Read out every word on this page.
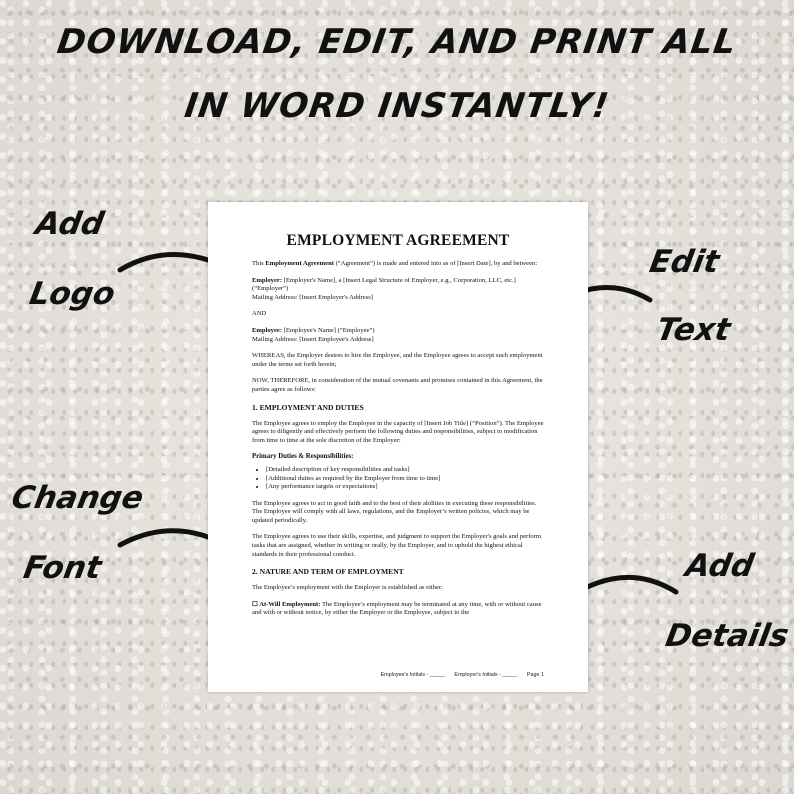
DOWNLOAD, EDIT, AND PRINT ALL
IN WORD INSTANTLY!
Add
Logo
Edit
Text
Change
Font	Add
Details
EMPLOYMENT AGREEMENT

This Employment Agreement (“Agreement”) is made and entered into as of [Insert Date], by and between:

Employer: [Employer's Name], a [Insert Legal Structure of Employer, e.g., Corporation, LLC, etc.] (“Employer”)
Mailing Address: [Insert Employer's Address]

AND

Employee: [Employee's Name] (“Employee”)
Mailing Address: [Insert Employee's Address]

WHEREAS, the Employer desires to hire the Employee, and the Employee agrees to accept such employment under the terms set forth herein;

NOW, THEREFORE, in consideration of the mutual covenants and promises contained in this Agreement, the parties agree as follows:

1. EMPLOYMENT AND DUTIES

The Employee agrees to employ the Employee in the capacity of [Insert Job Title] (“Position”). The Employee agrees to diligently and effectively perform the following duties and responsibilities, subject to modification from time to time at the sole discretion of the Employer:

Primary Duties & Responsibilities:
• [Detailed description of key responsibilities and tasks]
• [Additional duties as required by the Employer from time to time]
• [Any performance targets or expectations]

The Employee agrees to act in good faith and to the best of their abilities in executing these responsibilities. The Employee will comply with all laws, regulations, and the Employer’s written policies, which may be updated periodically.

The Employee agrees to use their skills, expertise, and judgment to support the Employer's goals and perform tasks that are assigned, whether in writing or orally, by the Employer, and to uphold the highest ethical standards in their professional conduct.

2. NATURE AND TERM OF EMPLOYMENT

The Employee’s employment with the Employer is established as either:

☐ At-Will Employment: The Employee’s employment may be terminated at any time, with or without cause and with or without notice, by either the Employer or the Employee, subject to the

Employee's Initials - _____ Employer's Initials - _____ Page 1
